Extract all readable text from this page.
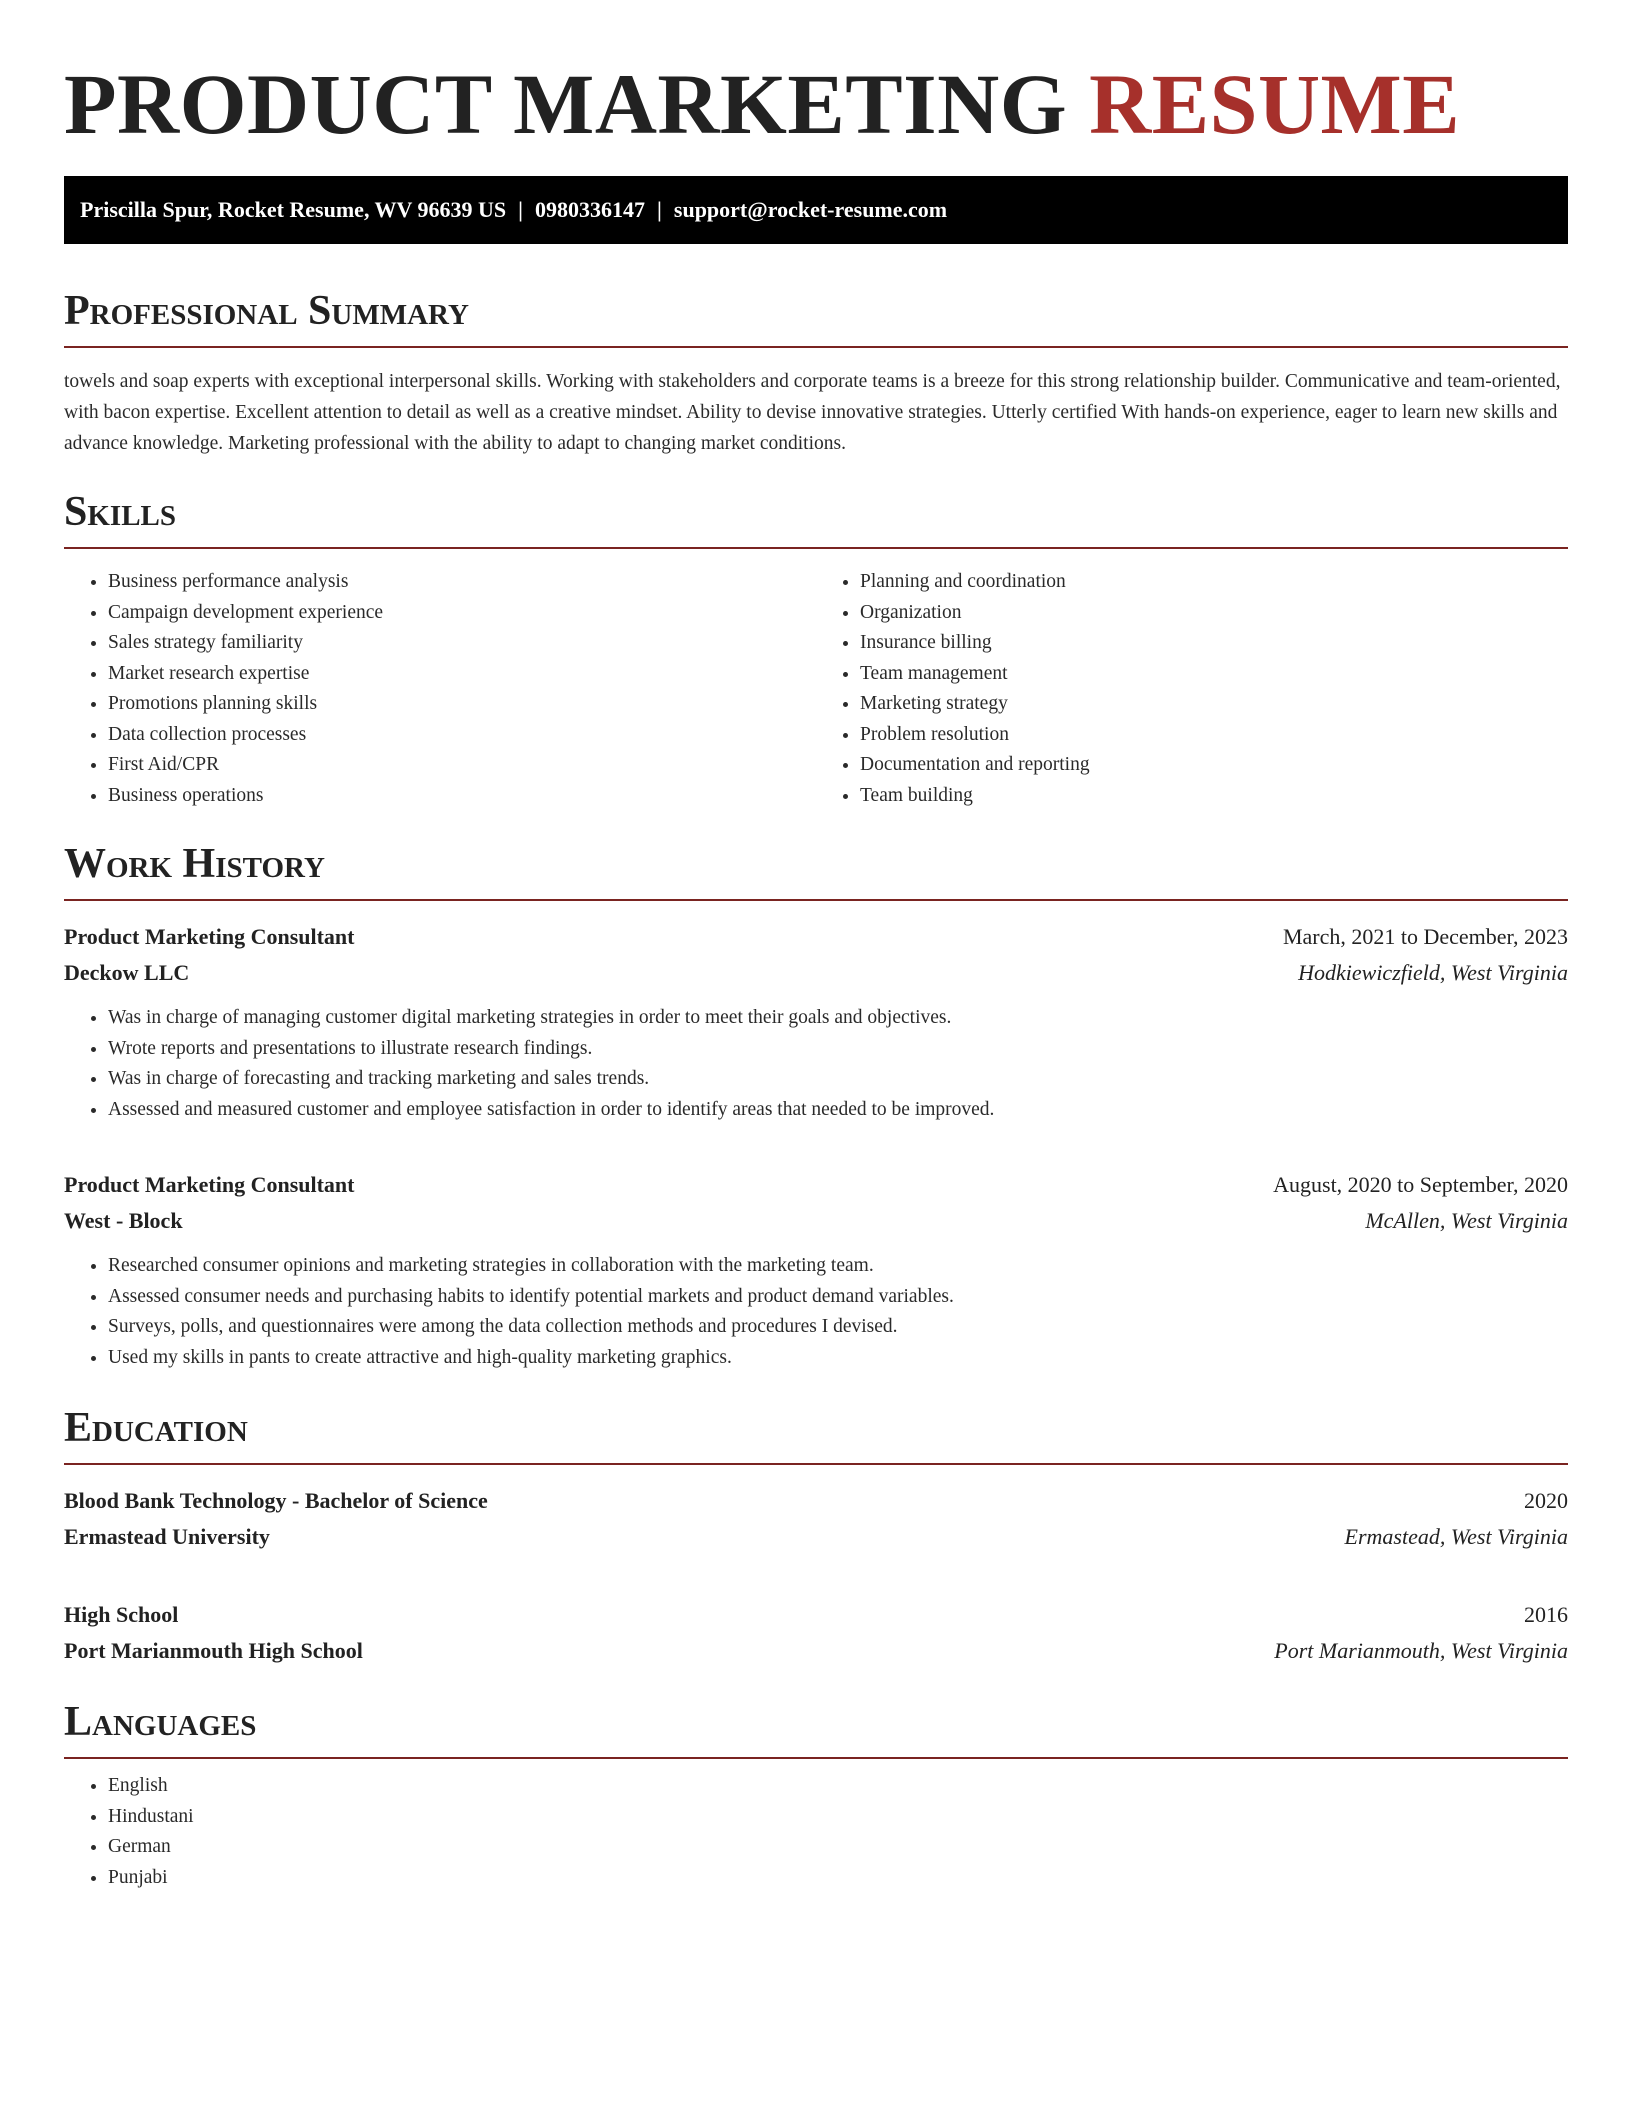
PRODUCT MARKETING RESUME
Priscilla Spur, Rocket Resume, WV 96639 US | 0980336147 | support@rocket-resume.com
Professional Summary

towels and soap experts with exceptional interpersonal skills. Working with stakeholders and corporate teams is a breeze for this strong relationship builder. Communicative and team-oriented, with bacon expertise. Excellent attention to detail as well as a creative mindset. Ability to devise innovative strategies. Utterly certified With hands-on experience, eager to learn new skills and advance knowledge. Marketing professional with the ability to adapt to changing market conditions.

Skills
• Business performance analysis
• Campaign development experience
• Sales strategy familiarity
• Market research expertise
• Promotions planning skills
• Data collection processes
• First Aid/CPR
• Business operations
• Planning and coordination
• Organization
• Insurance billing
• Team management
• Marketing strategy
• Problem resolution
• Documentation and reporting
• Team building
Work History
Product Marketing Consultant	March, 2021 to December, 2023
Deckow LLC	Hodkiewiczfield, West Virginia
• Was in charge of managing customer digital marketing strategies in order to meet their goals and objectives.
• Wrote reports and presentations to illustrate research findings.
• Was in charge of forecasting and tracking marketing and sales trends.
• Assessed and measured customer and employee satisfaction in order to identify areas that needed to be improved.
Product Marketing Consultant	August, 2020 to September, 2020
West - Block	McAllen, West Virginia
• Researched consumer opinions and marketing strategies in collaboration with the marketing team.
• Assessed consumer needs and purchasing habits to identify potential markets and product demand variables.
• Surveys, polls, and questionnaires were among the data collection methods and procedures I devised.
• Used my skills in pants to create attractive and high-quality marketing graphics.
Education
Blood Bank Technology - Bachelor of Science	2020
Ermastead University	Ermastead, West Virginia
High School	2016
Port Marianmouth High School	Port Marianmouth, West Virginia
Languages
• English
• Hindustani
• German
• Punjabi
